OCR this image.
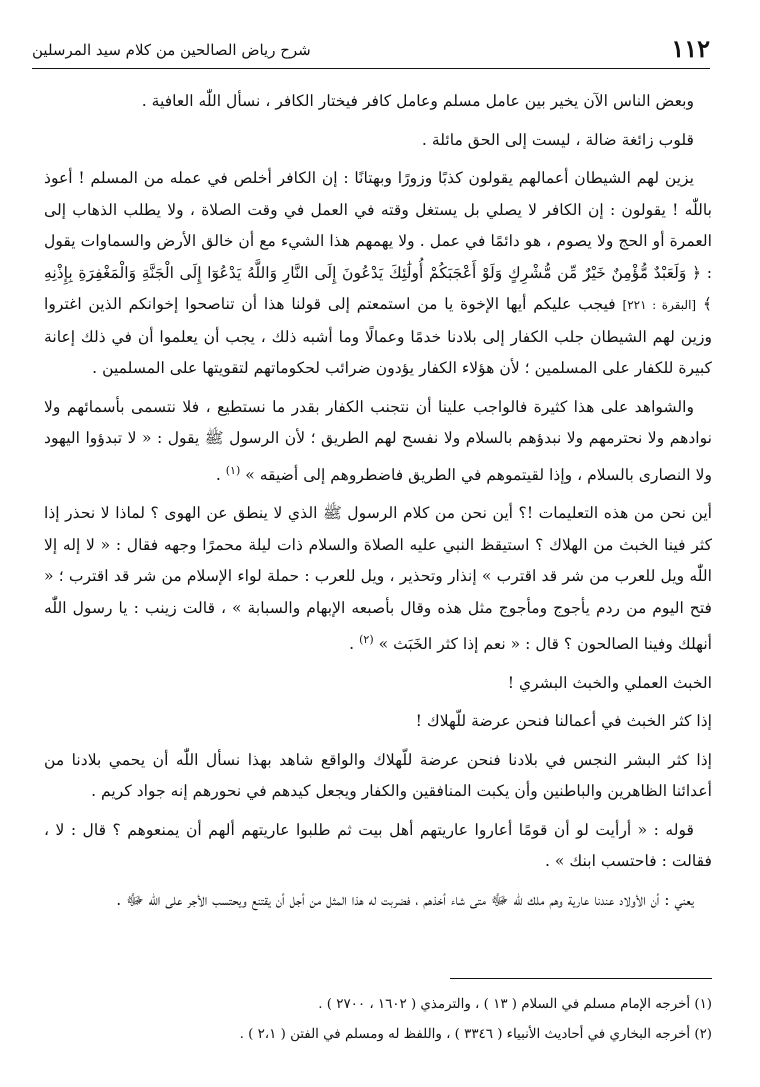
١١٢
شرح رياض الصالحين من كلام سيد المرسلين

وبعض الناس الآن يخير بين عامل مسلم وعامل كافر فيختار الكافر ، نسأل اللّٰه العافية .

قلوب زائغة ضالة ، ليست إلى الحق مائلة .

يزين لهم الشيطان أعمالهم يقولون كذبًا وزورًا وبهتانًا : إن الكافر أخلص في عمله من المسلم ! أعوذ باللّٰه ! يقولون : إن الكافر لا يصلي بل يستغل وقته في العمل في وقت الصلاة ، ولا يطلب الذهاب إلى العمرة أو الحج ولا يصوم ، هو دائمًا في عمل . ولا يهمهم هذا الشيء مع أن خالق الأرض والسماوات يقول : ﴿ وَلَعَبْدٌ مُّؤْمِنٌ خَيْرٌ مِّن مُّشْرِكٍ وَلَوْ أَعْجَبَكُمْ أُولَٰئِكَ يَدْعُونَ إِلَى النَّارِ وَاللَّهُ يَدْعُوٓا إِلَى الْجَنَّةِ وَالْمَغْفِرَةِ بِإِذْنِهِ ﴾ [البقرة : ٢٢١] فيجب عليكم أيها الإخوة يا من استمعتم إلى قولنا هذا أن تناصحوا إخوانكم الذين اغتروا وزين لهم الشيطان جلب الكفار إلى بلادنا خدمًا وعمالًا وما أشبه ذلك ، يجب أن يعلموا أن في ذلك إعانة كبيرة للكفار على المسلمين ؛ لأن هؤلاء الكفار يؤدون ضرائب لحكوماتهم لتقويتها على المسلمين .

والشواهد على هذا كثيرة فالواجب علينا أن نتجنب الكفار بقدر ما نستطيع ، فلا نتسمى بأسمائهم ولا نوادهم ولا نحترمهم ولا نبدؤهم بالسلام ولا نفسح لهم الطريق ؛ لأن الرسول ﷺ يقول : « لا تبدؤوا اليهود ولا النصارى بالسلام ، وإذا لقيتموهم في الطريق فاضطروهم إلى أضيقه » $^{(١)}$ .

أين نحن من هذه التعليمات !؟ أين نحن من كلام الرسول ﷺ الذي لا ينطق عن الهوى ؟ لماذا لا نحذر إذا كثر فينا الخبث من الهلاك ؟ استيقظ النبي عليه الصلاة والسلام ذات ليلة محمرًا وجهه فقال : « لا إله إلا اللّٰه ويل للعرب من شر قد اقترب » إنذار وتحذير ، ويل للعرب : حملة لواء الإسلام من شر قد اقترب ؛ « فتح اليوم من ردم يأجوج ومأجوج مثل هذه وقال بأصبعه الإبهام والسبابة » ، قالت زينب : يا رسول اللّٰه أنهلك وفينا الصالحون ؟ قال : « نعم إذا كثر الخَبَث » $^{(٢)}$ .

الخبث العملي والخبث البشري !

إذا كثر الخبث في أعمالنا فنحن عرضة للّهلاك !

إذا كثر البشر النجس في بلادنا فنحن عرضة للّهلاك والواقع شاهد بهذا نسأل اللّٰه أن يحمي بلادنا من أعدائنا الظاهرين والباطنين وأن يكبت المنافقين والكفار ويجعل كيدهم في نحورهم إنه جواد كريم .

قوله : « أرأيت لو أن قومًا أعاروا عاريتهم أهل بيت ثم طلبوا عاريتهم ألهم أن يمنعوهم ؟ قال : لا ، فقالت : فاحتسب ابنك » .

يعني : أن الأولاد عندنا عارية وهم ملك للّٰه ﷻ متى شاء أخذهم ، فضربت له هذا المثل من أجل أن يقتنع ويحتسب الأجر على اللّٰه ﷻ .

(١) أخرجه الإمام مسلم في السلام ( ١٣ ) ، والترمذي ( ١٦٠٢ ، ٢٧٠٠ ) .
(٢) أخرجه البخاري في أحاديث الأنبياء ( ٣٣٤٦ ) ، واللفظ له ومسلم في الفتن ( ٢،١ ) .
